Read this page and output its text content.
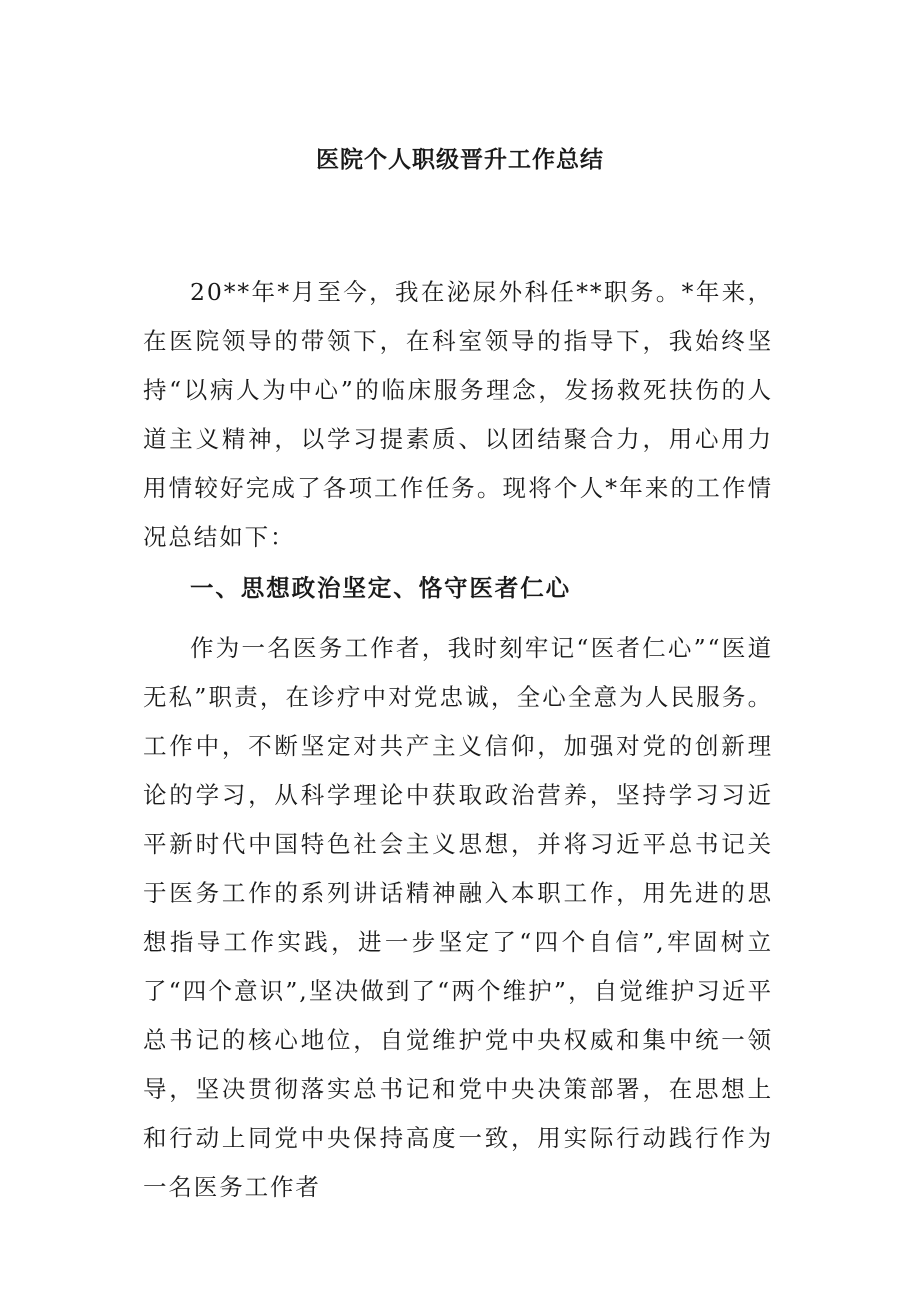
医院个人职级晋升工作总结

20**年*月至今，我在泌尿外科任**职务。*年来，在医院领导的带领下，在科室领导的指导下，我始终坚持“以病人为中心”的临床服务理念，发扬救死扶伤的人道主义精神，以学习提素质、以团结聚合力，用心用力用情较好完成了各项工作任务。现将个人*年来的工作情况总结如下：

一、思想政治坚定、恪守医者仁心

作为一名医务工作者，我时刻牢记“医者仁心”“医道无私”职责，在诊疗中对党忠诚，全心全意为人民服务。工作中，不断坚定对共产主义信仰，加强对党的创新理论的学习，从科学理论中获取政治营养，坚持学习习近平新时代中国特色社会主义思想，并将习近平总书记关于医务工作的系列讲话精神融入本职工作，用先进的思想指导工作实践，进一步坚定了“四个自信”,牢固树立了“四个意识”,坚决做到了“两个维护”，自觉维护习近平总书记的核心地位，自觉维护党中央权威和集中统一领导，坚决贯彻落实总书记和党中央决策部署，在思想上和行动上同党中央保持高度一致，用实际行动践行作为一名医务工作者
